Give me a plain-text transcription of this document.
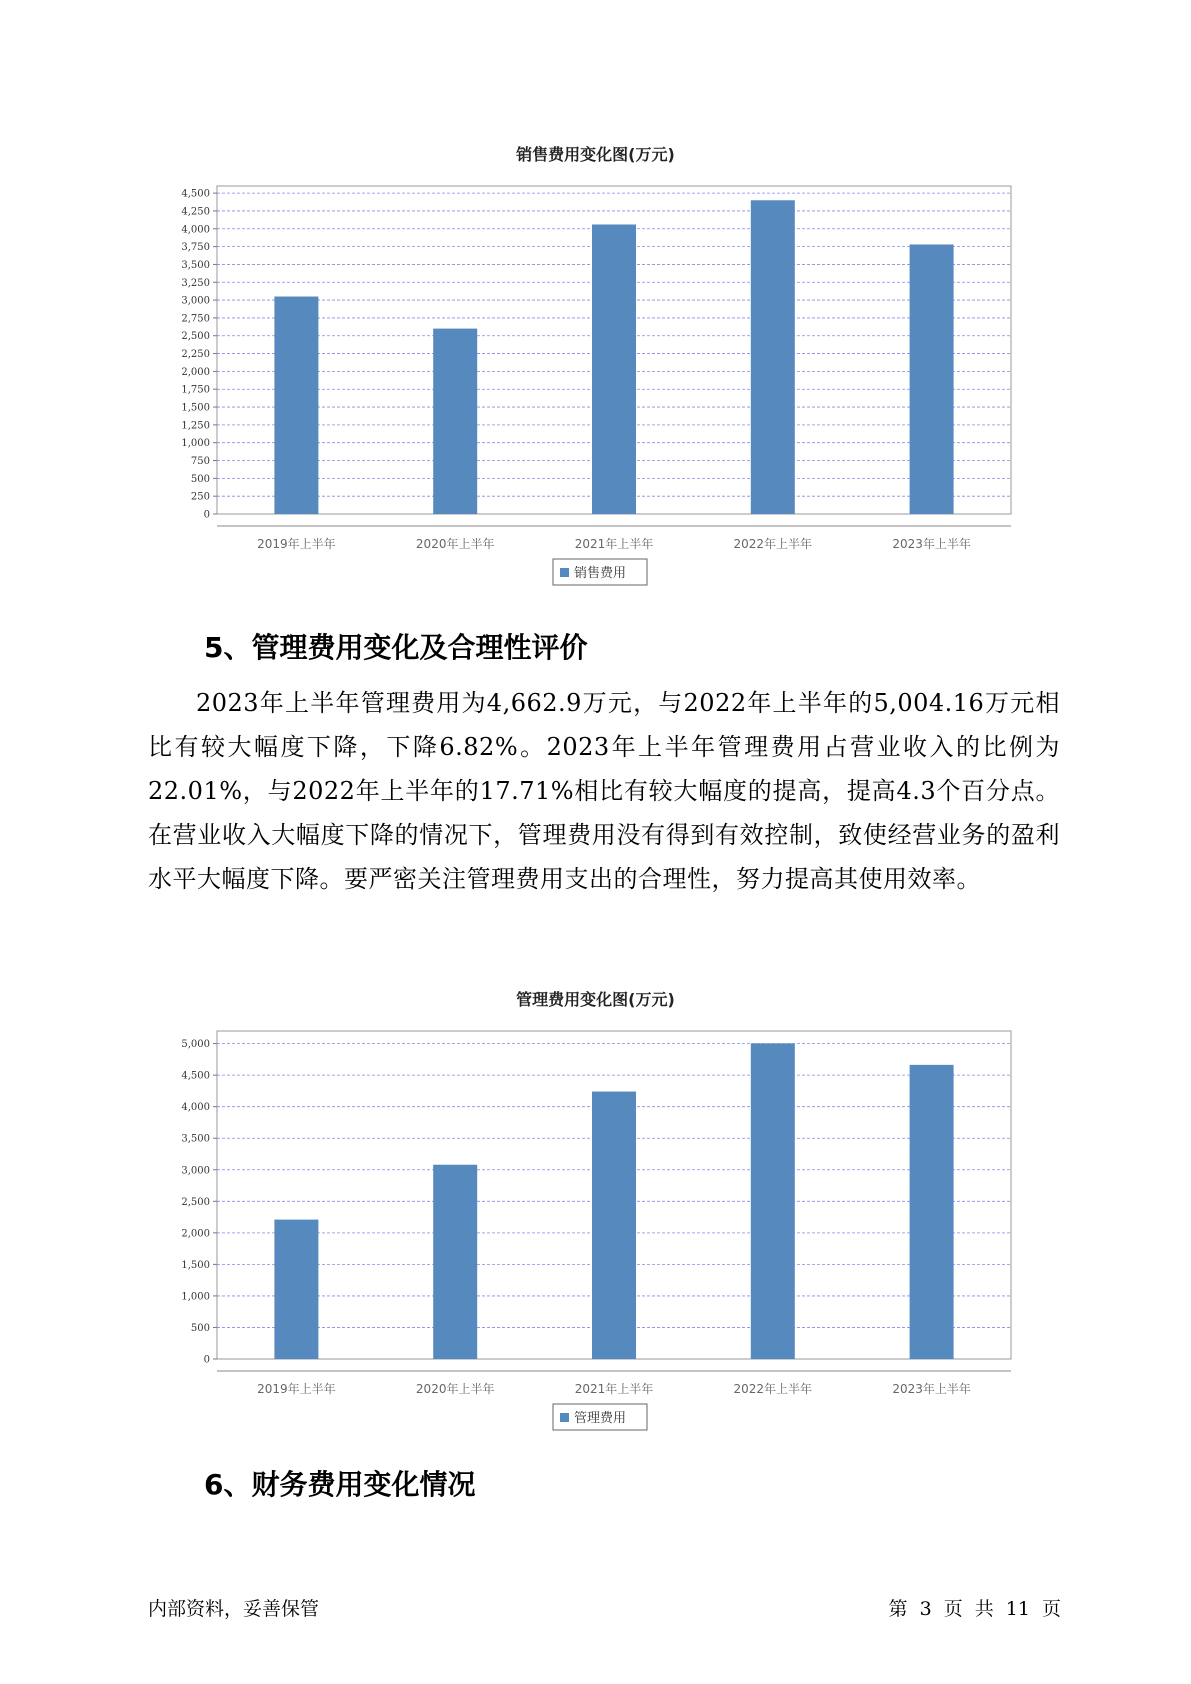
销售费用变化图(万元)
0
250
500
750
1,000
1,250
1,500
1,750
2,000
2,250
2,500
2,750
3,000
3,250
3,500
3,750
4,000
4,250
4,500
2019年上半年	2020年上半年	2021年上半年	2022年上半年	2023年上半年
销售费用
5、管理费用变化及合理性评价

2023年上半年管理费用为4,662.9万元，与2022年上半年的5,004.16万元相比有较大幅度下降，下降6.82%。2023年上半年管理费用占营业收入的比例为22.01%，与2022年上半年的17.71%相比有较大幅度的提高，提高4.3个百分点。在营业收入大幅度下降的情况下，管理费用没有得到有效控制，致使经营业务的盈利水平大幅度下降。要严密关注管理费用支出的合理性，努力提高其使用效率。

管理费用变化图(万元)
0
500
1,000
1,500
2,000
2,500
3,000
3,500
4,000
4,500
5,000
2019年上半年	2020年上半年	2021年上半年	2022年上半年	2023年上半年
管理费用
6、财务费用变化情况
内部资料，妥善保管	第 3 页 共 11 页
